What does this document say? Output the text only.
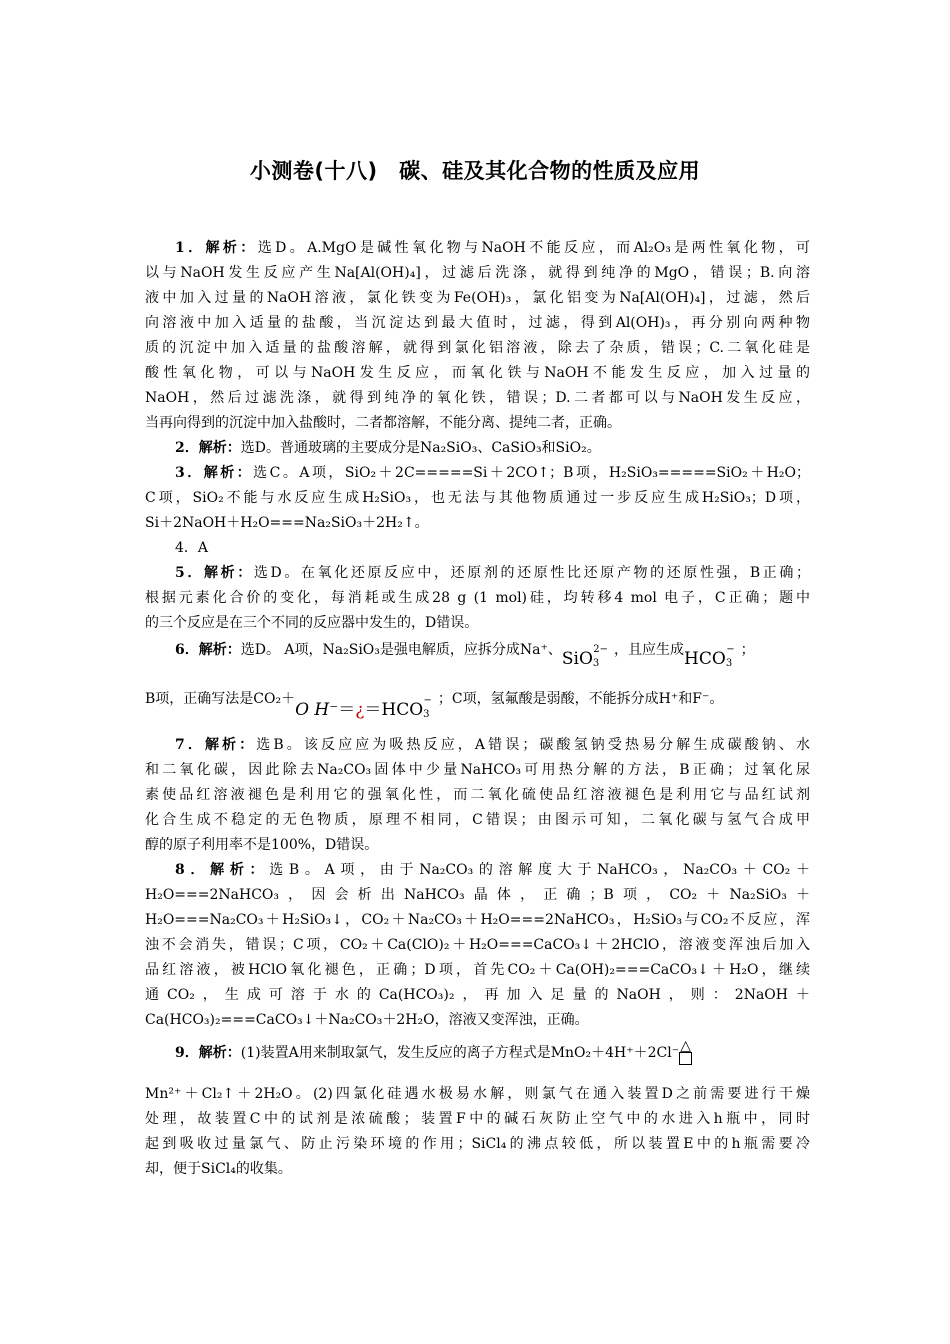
小测卷(十八)　碳、硅及其化合物的性质及应用
1．解析：选D。A.MgO是碱性氧化物与NaOH不能反应，而Al₂O₃是两性氧化物，可
以与NaOH发生反应产生Na[Al(OH)₄]，过滤后洗涤，就得到纯净的MgO，错误；B.向溶
液中加入过量的NaOH溶液，氯化铁变为Fe(OH)₃，氯化铝变为Na[Al(OH)₄]，过滤，然后
向溶液中加入适量的盐酸，当沉淀达到最大值时，过滤，得到Al(OH)₃，再分别向两种物
质的沉淀中加入适量的盐酸溶解，就得到氯化铝溶液，除去了杂质，错误；C.二氧化硅是
酸性氧化物，可以与NaOH发生反应，而氧化铁与NaOH不能发生反应，加入过量的
NaOH，然后过滤洗涤，就得到纯净的氧化铁，错误；D.二者都可以与NaOH发生反应，
当再向得到的沉淀中加入盐酸时，二者都溶解，不能分离、提纯二者，正确。
2．解析：选D。普通玻璃的主要成分是Na₂SiO₃、CaSiO₃和SiO₂。
3．解析：选C。A项，SiO₂＋2C=====Si＋2CO↑；B项，H₂SiO₃=====SiO₂＋H₂O；
C项，SiO₂不能与水反应生成H₂SiO₃，也无法与其他物质通过一步反应生成H₂SiO₃；D项，
Si＋2NaOH＋H₂O===Na₂SiO₃＋2H₂↑。
4．A
5．解析：选D。在氧化还原反应中，还原剂的还原性比还原产物的还原性强，B正确；
根据元素化合价的变化，每消耗或生成28 g (1 mol)硅，均转移4 mol 电子，C正确；题中
的三个反应是在三个不同的反应器中发生的，D错误。
6．解析：选D。 A项，Na₂SiO₃是强电解质，应拆分成Na⁺、SiO$_3$2− ，且应生成$HCO_3-$ ；
B项，正确写法是CO₂＋O $H^-=¿=HCO_3-$ ；C项，氢氟酸是弱酸，不能拆分成H⁺和F⁻。
7．解析：选B。该反应应为吸热反应，A错误；碳酸氢钠受热易分解生成碳酸钠、水
和二氧化碳，因此除去Na₂CO₃固体中少量NaHCO₃可用热分解的方法，B正确；过氧化尿
素使品红溶液褪色是利用它的强氧化性，而二氧化硫使品红溶液褪色是利用它与品红试剂
化合生成不稳定的无色物质，原理不相同，C错误；由图示可知，二氧化碳与氢气合成甲
醇的原子利用率不是100%，D错误。
8．解析：选B。A项，由于Na₂CO₃的溶解度大于NaHCO₃，Na₂CO₃＋CO₂＋
H₂O===2NaHCO₃，因会析出NaHCO₃晶体，正确；B项，CO₂＋Na₂SiO₃＋
H₂O===Na₂CO₃＋H₂SiO₃↓，CO₂＋Na₂CO₃＋H₂O===2NaHCO₃，H₂SiO₃与CO₂不反应，浑
浊不会消失，错误；C项，CO₂＋Ca(ClO)₂＋H₂O===CaCO₃↓＋2HClO，溶液变浑浊后加入
品红溶液，被HClO氧化褪色，正确；D项，首先CO₂＋Ca(OH)₂===CaCO₃↓＋H₂O，继续
通CO₂，生成可溶于水的Ca(HCO₃)₂，再加入足量的NaOH，则：2NaOH＋
Ca(HCO₃)₂===CaCO₃↓＋Na₂CO₃＋2H₂O，溶液又变浑浊，正确。
9．解析：(1)装置A用来制取氯气，发生反应的离子方程式是MnO₂＋4H⁺＋2Cl⁻△

Mn²⁺＋Cl₂↑＋2H₂O。(2)四氯化硅遇水极易水解，则氯气在通入装置D之前需要进行干燥
处理，故装置C中的试剂是浓硫酸；装置F中的碱石灰防止空气中的水进入h瓶中，同时
起到吸收过量氯气、防止污染环境的作用；SiCl₄的沸点较低，所以装置E中的h瓶需要冷
却，便于SiCl₄的收集。
